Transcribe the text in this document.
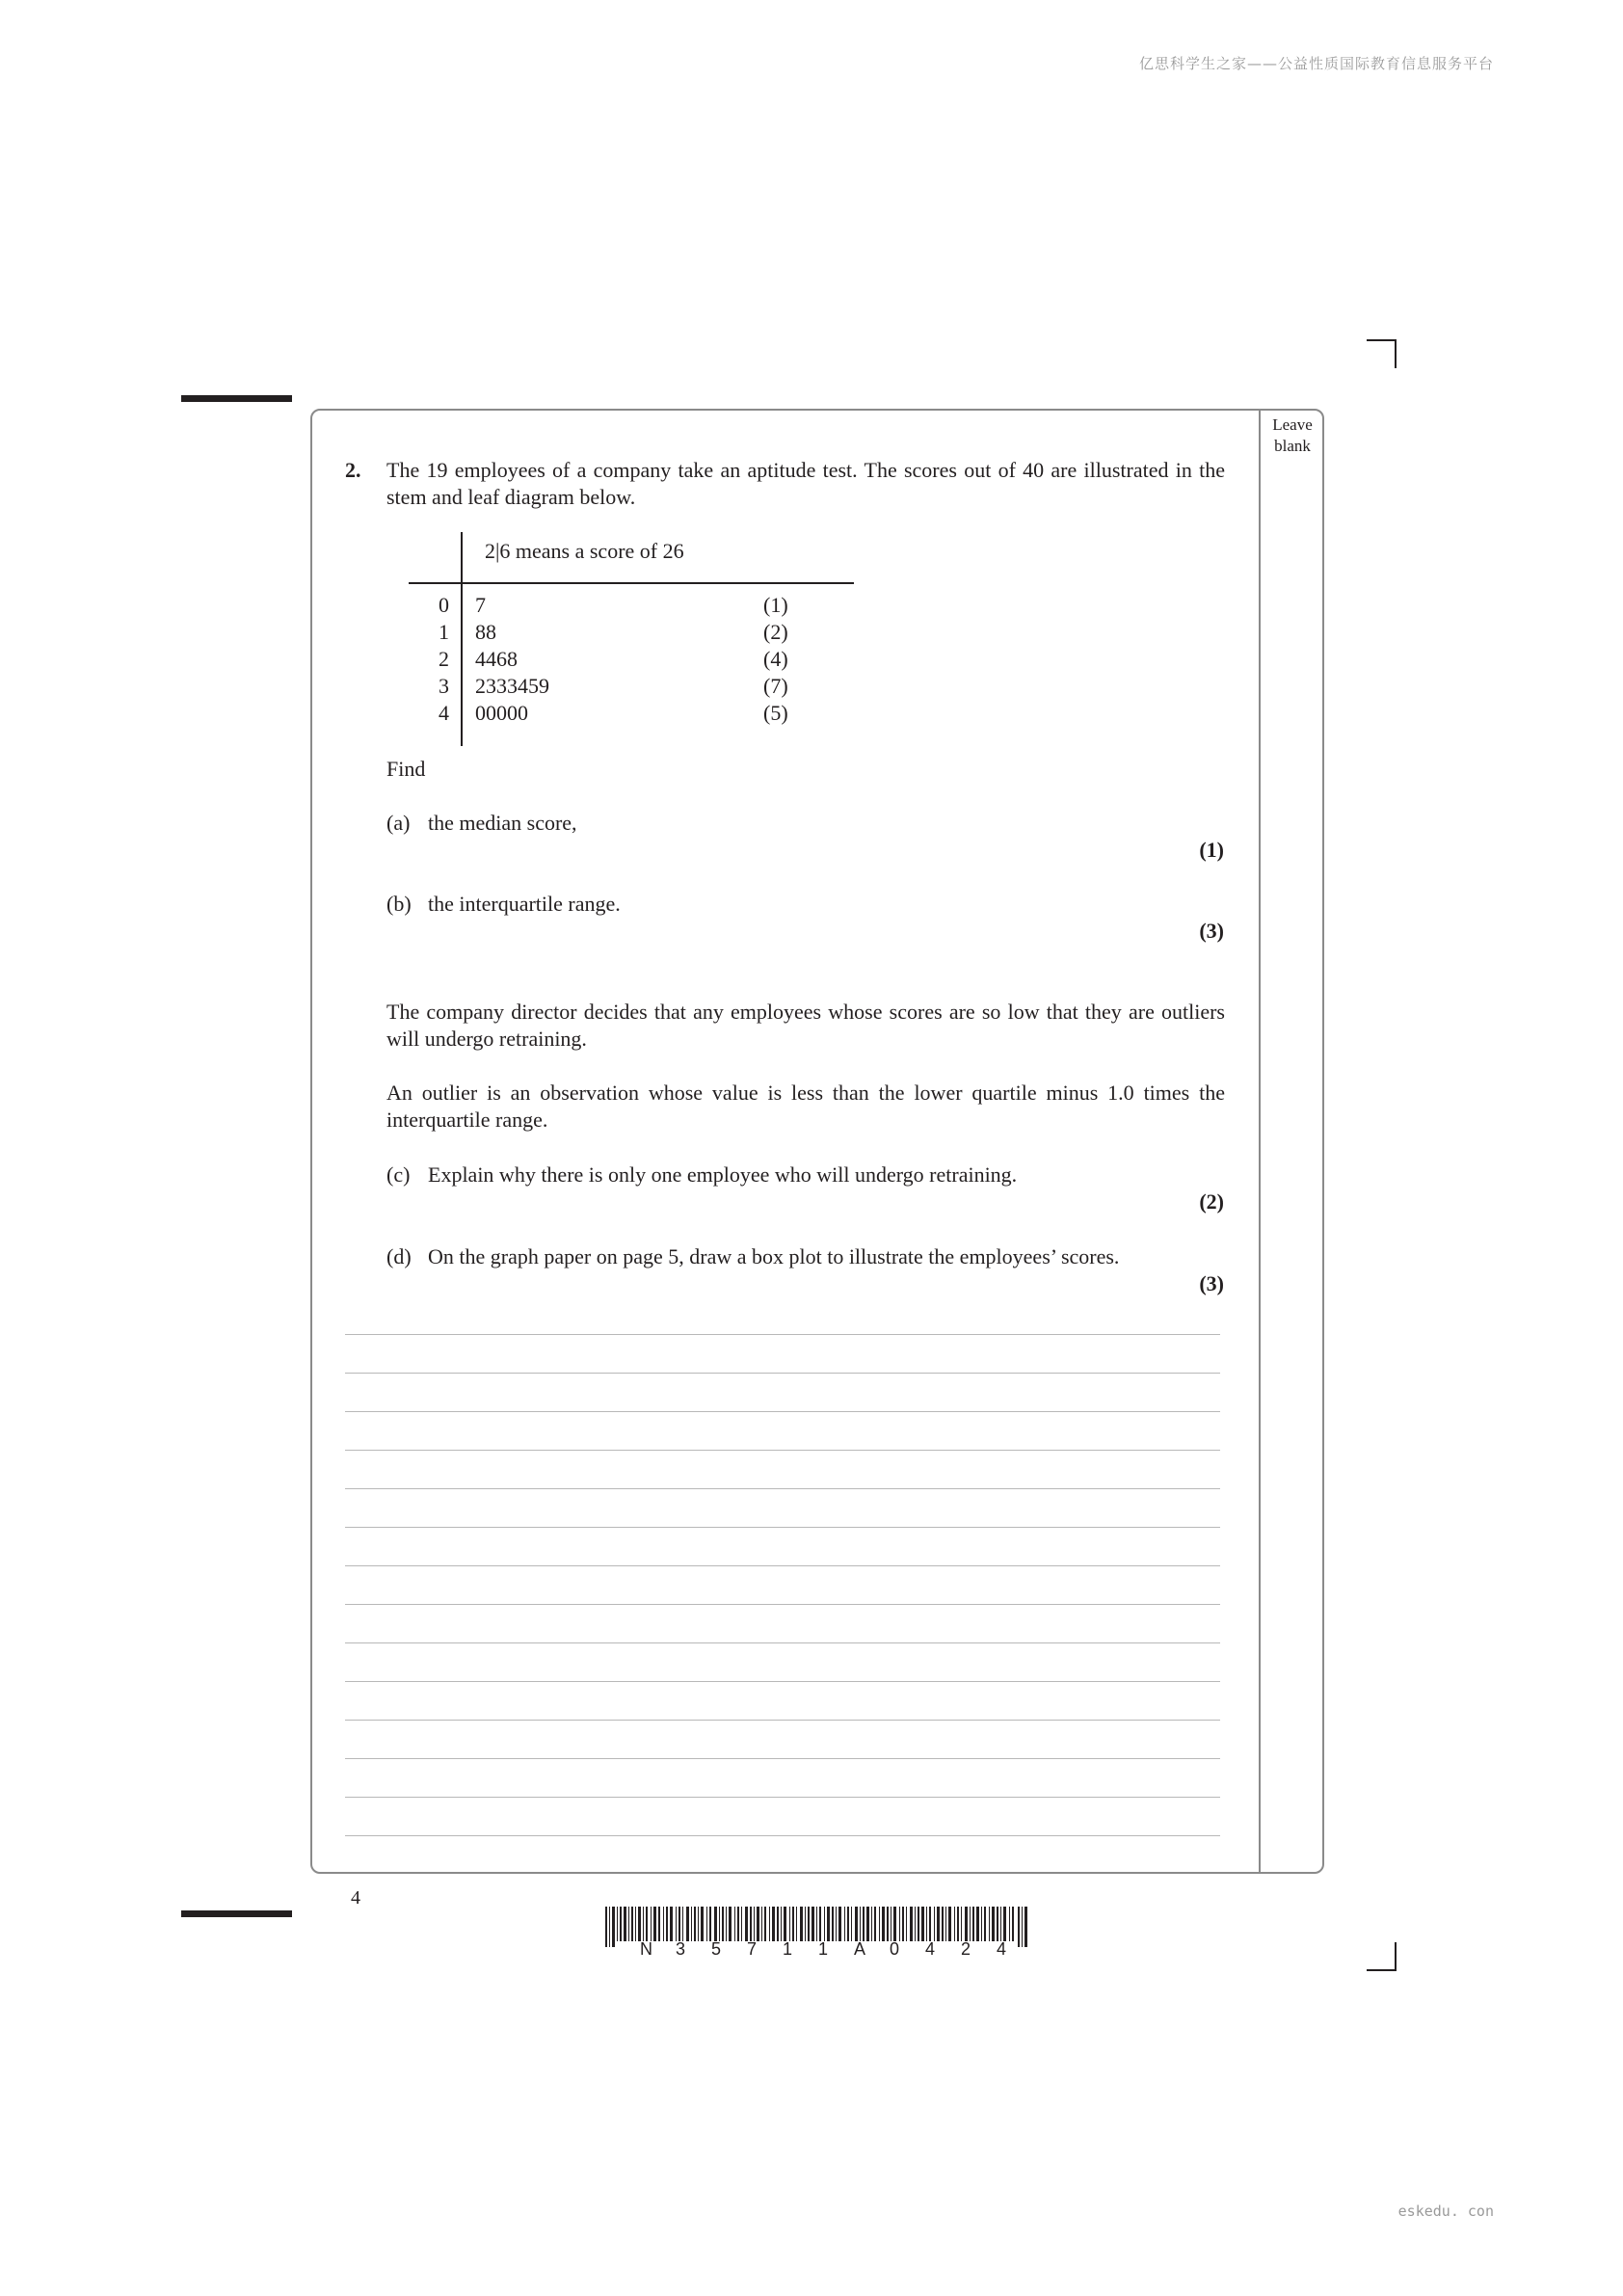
亿思科学生之家——公益性质国际教育信息服务平台
eskedu. con
Leave blank
2. The 19 employees of a company take an aptitude test. The scores out of 40 are illustrated in the stem and leaf diagram below.
2|6 means a score of 26
0 7	(1)
1 88	(2)
2 4468	(4)
3 2333459	(7)
4 00000	(5)
Find
(a) the median score,
(1)
(b) the interquartile range.
(3)
The company director decides that any employees whose scores are so low that they are outliers will undergo retraining.
An outlier is an observation whose value is less than the lower quartile minus 1.0 times the interquartile range.
(c) Explain why there is only one employee who will undergo retraining.
(2)
(d) On the graph paper on page 5, draw a box plot to illustrate the employees’ scores.
(3)
4
N 3 5 7 1 1 A 0 4 2 4
